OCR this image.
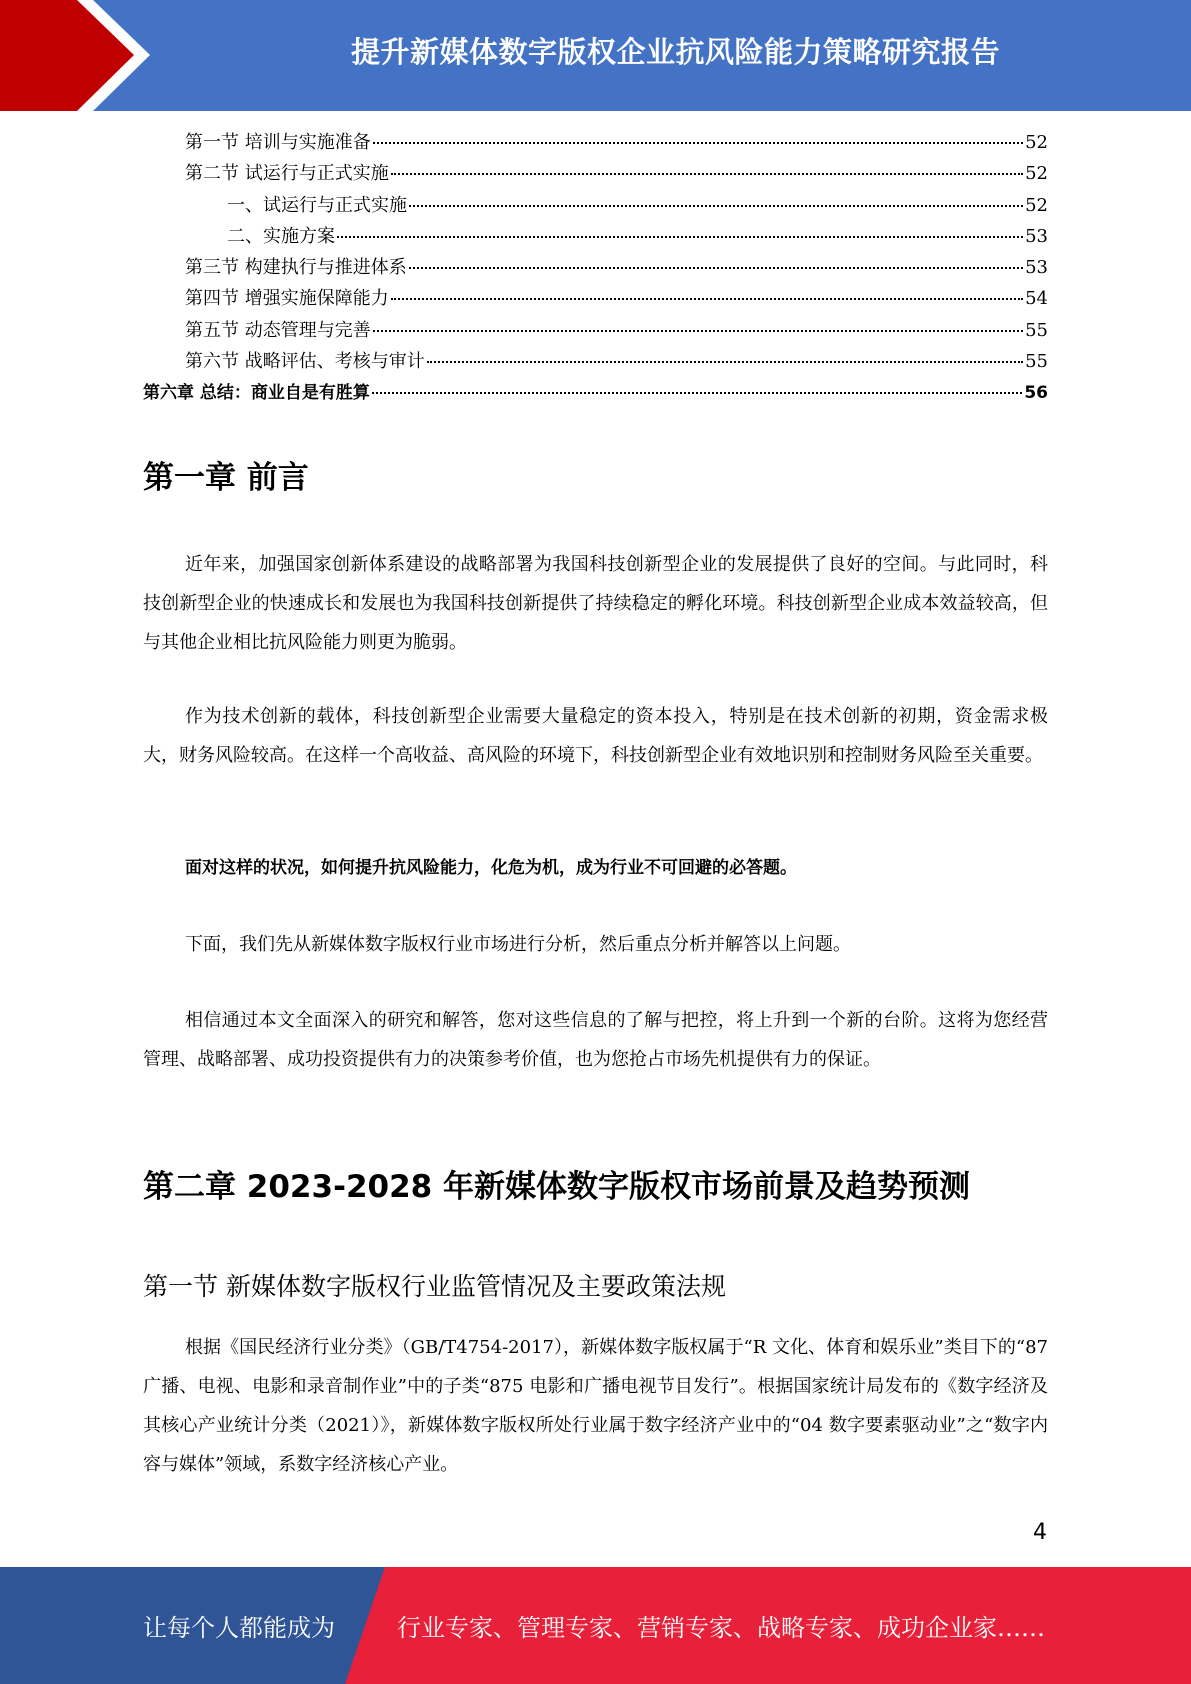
提升新媒体数字版权企业抗风险能力策略研究报告
第一节 培训与实施准备	52
第二节 试运行与正式实施	52
一、试运行与正式实施	52
二、实施方案	53
第三节 构建执行与推进体系	53
第四节 增强实施保障能力	54
第五节 动态管理与完善	55
第六节 战略评估、考核与审计	55
第六章 总结：商业自是有胜算	56
第一章 前言

近年来，加强国家创新体系建设的战略部署为我国科技创新型企业的发展提供了良好的空间。与此同时，科技创新型企业的快速成长和发展也为我国科技创新提供了持续稳定的孵化环境。科技创新型企业成本效益较高，但与其他企业相比抗风险能力则更为脆弱。

作为技术创新的载体，科技创新型企业需要大量稳定的资本投入，特别是在技术创新的初期，资金需求极大，财务风险较高。在这样一个高收益、高风险的环境下，科技创新型企业有效地识别和控制财务风险至关重要。

面对这样的状况，如何提升抗风险能力，化危为机，成为行业不可回避的必答题。

下面，我们先从新媒体数字版权行业市场进行分析，然后重点分析并解答以上问题。

相信通过本文全面深入的研究和解答，您对这些信息的了解与把控，将上升到一个新的台阶。这将为您经营管理、战略部署、成功投资提供有力的决策参考价值，也为您抢占市场先机提供有力的保证。

第二章 2023-2028 年新媒体数字版权市场前景及趋势预测
第一节 新媒体数字版权行业监管情况及主要政策法规

根据《国民经济行业分类》（GB/T4754-2017），新媒体数字版权属于“R 文化、体育和娱乐业”类目下的“87 广播、电视、电影和录音制作业”中的子类“875 电影和广播电视节目发行”。根据国家统计局发布的《数字经济及其核心产业统计分类（2021）》，新媒体数字版权所处行业属于数字经济产业中的“04 数字要素驱动业”之“数字内容与媒体”领域，系数字经济核心产业。

4
让每个人都能成为	行业专家、管理专家、营销专家、战略专家、成功企业家……
